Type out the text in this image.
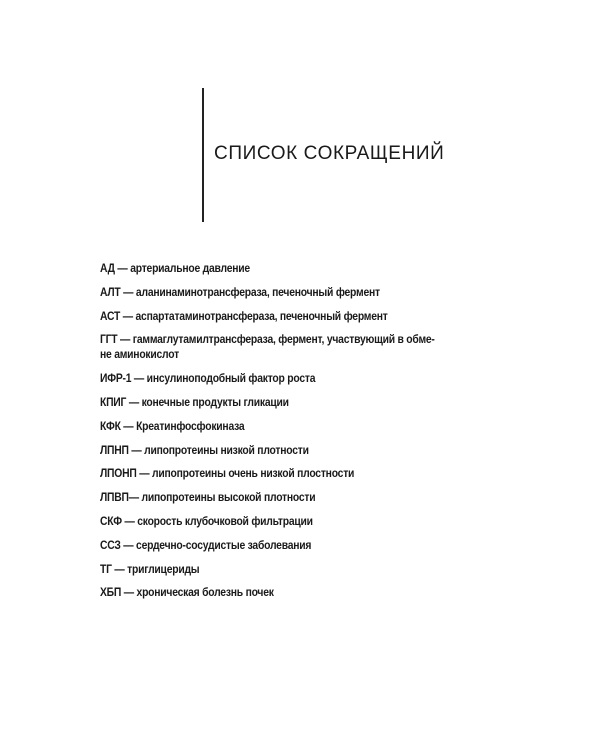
СПИСОК СОКРАЩЕНИЙ
АД — артериальное давление
АЛТ — аланинаминотрансфераза, печеночный фермент
АСТ — аспартатаминотрансфераза, печеночный фермент
ГГТ — гаммаглутамилтрансфераза, фермент, участвующий в обме-
не аминокислот
ИФР-1 — инсулиноподобный фактор роста
КПИГ — конечные продукты гликации
КФК — Креатинфосфокиназа
ЛПНП — липопротеины низкой плотности
ЛПОНП — липопротеины очень низкой плостности
ЛПВП— липопротеины высокой плотности
СКФ — скорость клубочковой фильтрации
ССЗ — сердечно-сосудистые заболевания
ТГ — триглицериды
ХБП — хроническая болезнь почек
